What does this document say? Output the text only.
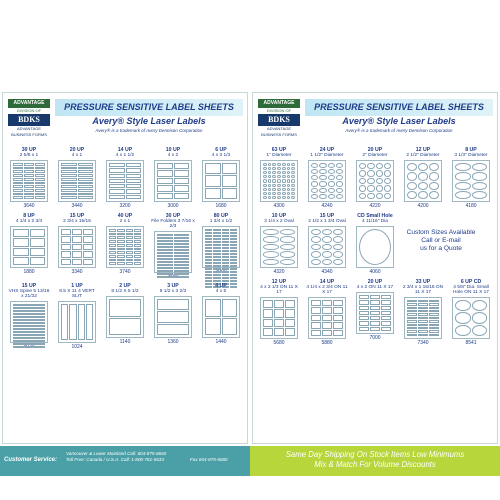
ADVANTAGE
DIVISION OF
BDKS
ADVANTAGE BUSINESS FORMS
PRESSURE SENSITIVE LABEL SHEETS
Avery® Style Laser Labels
Avery® is a trademark of Avery Dennison Corporation
30 UP
2 5/8 x 1
3640
20 UP
4 x 1
3440
14 UP
4 x 1 1/2
3200
10 UP
4 x 2
3000
6 UP
4 x 3 1/3
1680
8 UP
4 1/4 x 2 3/4
1880
15 UP
2 3/4 x 15/16
3340
40 UP
2 x 1
3740
30 UP
File Folders 3 7/16 x 2/3
80 UP
1 3/4 x 1/2
15 UP
VHS Spine 5 13/16 x 21/32
1 UP
8.5 X 11 4 VERT SLIT
1024
2 UP
8 1/2 X 5 1/2
1140
3 UP
8 1/2 x 3 2/3
1360
4 UP
4 x 5
1440
ADVANTAGE
DIVISION OF
BDKS
ADVANTAGE BUSINESS FORMS
PRESSURE SENSITIVE LABEL SHEETS
Avery® Style Laser Labels
Avery® is a trademark of Avery Dennison Corporation
Custom Sizes Available
Call or E-mail
us for a Quote
63 UP
1" Diameter
4300
24 UP
1 1/2" Diameter
4240
20 UP
2" Diameter
4220
12 UP
2 1/2" Diameter
4200
8 UP
3 1/3" Diameter
4180
10 UP
3 1/4 x 2 Oval
4320
15 UP
2 1/2 x 1 3/4 Oval
4340
CD Small Hole
4 11/16" Dia
4060
12 UP
4 x 3 1/3 ON 11 X 17
5680
14 UP
4 1/4 x 2 3/4 ON 11 X 17
5880
20 UP
4 x 2 ON 11 X 17
7000
33 UP
2 3/4 x 1 15/16 ON 11 X 17
7340
6 UP CD
4 5/8" Dia. Small Hole ON 11 X 17
8541
Customer Service:
Vancouver & Lower Mainland Call: 604-875-6660
Toll Free: Canada / U.S.A. Call: 1-800-781-5633	Fax 604-875-6680
Same Day Shipping On Stock Items Low Minimums
Mix & Match For Volume Discounts
